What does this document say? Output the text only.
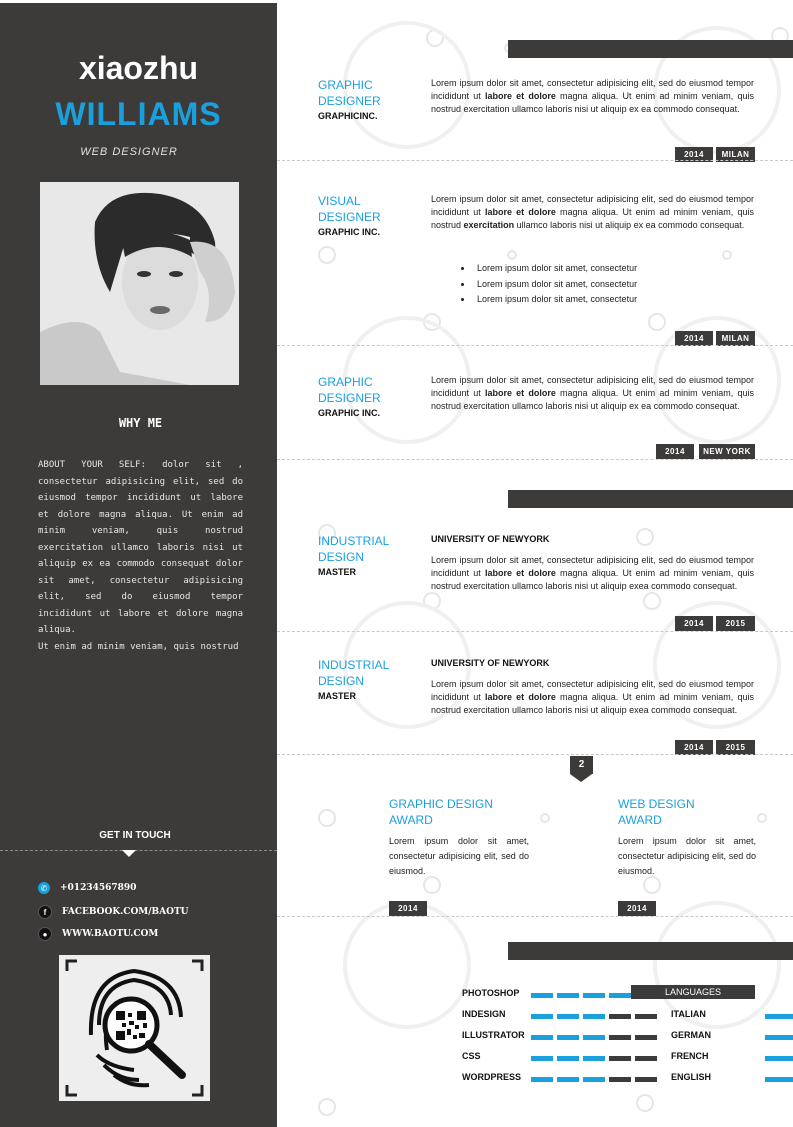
xiaozhu
WILLIAMS
WEB DESIGNER
WHY ME

ABOUT YOUR SELF: dolor sit , consectetur adipisicing elit, sed do eiusmod tempor incididunt ut labore et dolore magna aliqua. Ut enim ad minim veniam, quis nostrud exercitation ullamco laboris nisi ut aliquip ex ea commodo consequat dolor sit amet, consectetur adipisicing elit, sed do eiusmod tempor incididunt ut labore et dolore magna aliqua.

Ut enim ad minim veniam, quis nostrud

GET IN TOUCH
✆ +01234567890
f	FACEBOOK.COM/BAOTU
●	WWW.BAOTU.COM
GRAPHIC
DESIGNER
GRAPHICINC.
Lorem ipsum dolor sit amet, consectetur adipisicing elit, sed do eiusmod tempor incididunt ut labore et dolore magna aliqua. Ut enim ad minim veniam, quis nostrud exercitation ullamco laboris nisi ut aliquip ex ea commodo consequat.
2014	MILAN
VISUAL
DESIGNER
GRAPHIC INC.
Lorem ipsum dolor sit amet, consectetur adipisicing elit, sed do eiusmod tempor incididunt ut labore et dolore magna aliqua. Ut enim ad minim veniam, quis nostrud exercitation ullamco laboris nisi ut aliquip ex ea commodo consequat.
• Lorem ipsum dolor sit amet, consectetur
• Lorem ipsum dolor sit amet, consectetur
• Lorem ipsum dolor sit amet, consectetur
2014	MILAN
GRAPHIC
DESIGNER
GRAPHIC INC.
Lorem ipsum dolor sit amet, consectetur adipisicing elit, sed do eiusmod tempor incididunt ut labore et dolore magna aliqua. Ut enim ad minim veniam, quis nostrud exercitation ullamco laboris nisi ut aliquip ex ea commodo consequat.
2014	NEW YORK
INDUSTRIAL
DESIGN
MASTER
UNIVERSITY OF NEWYORK
Lorem ipsum dolor sit amet, consectetur adipisicing elit, sed do eiusmod tempor incididunt ut labore et dolore magna aliqua. Ut enim ad minim veniam, quis nostrud exercitation ullamco laboris nisi ut aliquip exea commodo consequat.
2014	2015
INDUSTRIAL
DESIGN
MASTER
UNIVERSITY OF NEWYORK
Lorem ipsum dolor sit amet, consectetur adipisicing elit, sed do eiusmod tempor incididunt ut labore et dolore magna aliqua. Ut enim ad minim veniam, quis nostrud exercitation ullamco laboris nisi ut aliquip exea commodo consequat.
2014	2015
2
GRAPHIC DESIGN
AWARD
Lorem ipsum dolor sit amet, consectetur adipisicing elit, sed do eiusmod.
2014
WEB DESIGN
AWARD
Lorem ipsum dolor sit amet, consectetur adipisicing elit, sed do eiusmod.
2014
PHOTOSHOP
INDESIGN
ILLUSTRATOR
CSS
WORDPRESS
LANGUAGES
ITALIAN
GERMAN
FRENCH
ENGLISH
